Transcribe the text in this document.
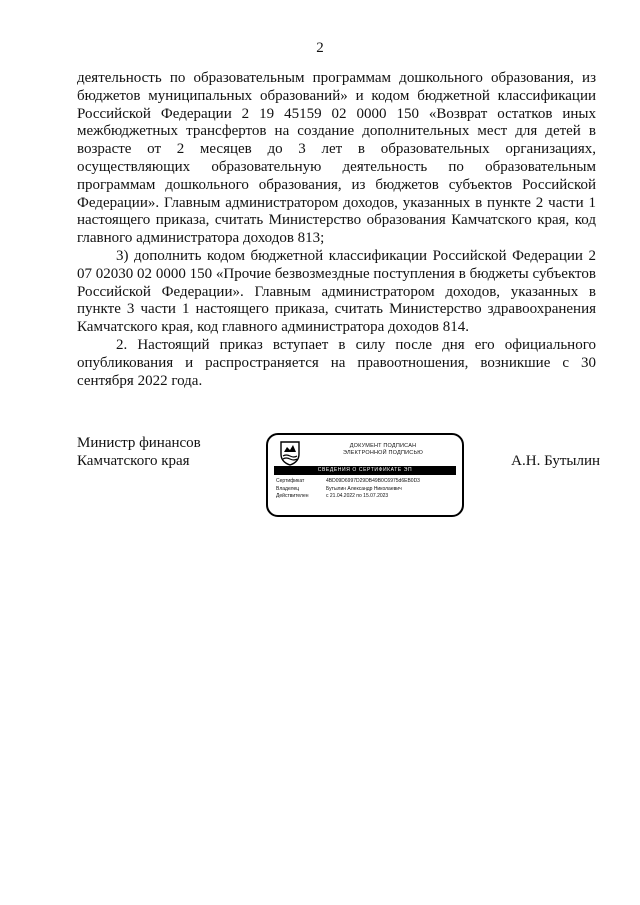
2

деятельность по образовательным программам дошкольного образования, из бюджетов муниципальных образований» и кодом бюджетной классификации Российской Федерации 2 19 45159 02 0000 150 «Возврат остатков иных межбюджетных трансфертов на создание дополнительных мест для детей в возрасте от 2 месяцев до 3 лет в образовательных организациях, осуществляющих образовательную деятельность по образовательным программам дошкольного образования, из бюджетов субъектов Российской Федерации». Главным администратором доходов, указанных в пункте 2 части 1 настоящего приказа, считать Министерство образования Камчатского края, код главного администратора доходов 813;

3) дополнить кодом бюджетной классификации Российской Федерации 2 07 02030 02 0000 150 «Прочие безвозмездные поступления в бюджеты субъектов Российской Федерации». Главным администратором доходов, указанных в пункте 3 части 1 настоящего приказа, считать Министерство здравоохранения Камчатского края, код главного администратора доходов 814.

2. Настоящий приказ вступает в силу после дня его официального опубликования и распространяется на правоотношения, возникшие с 30 сентября 2022 года.

Министр финансов
Камчатского края
ДОКУМЕНТ ПОДПИСАН
ЭЛЕКТРОННОЙ ПОДПИСЬЮ
СВЕДЕНИЯ О СЕРТИФИКАТЕ ЭП
Сертификат	4BD09D6997D29DB49B0C6975d6EB0D3
Владелец	Бутылин Александр Николаевич
Действителен	с 21.04.2022 по 15.07.2023
А.Н. Бутылин
